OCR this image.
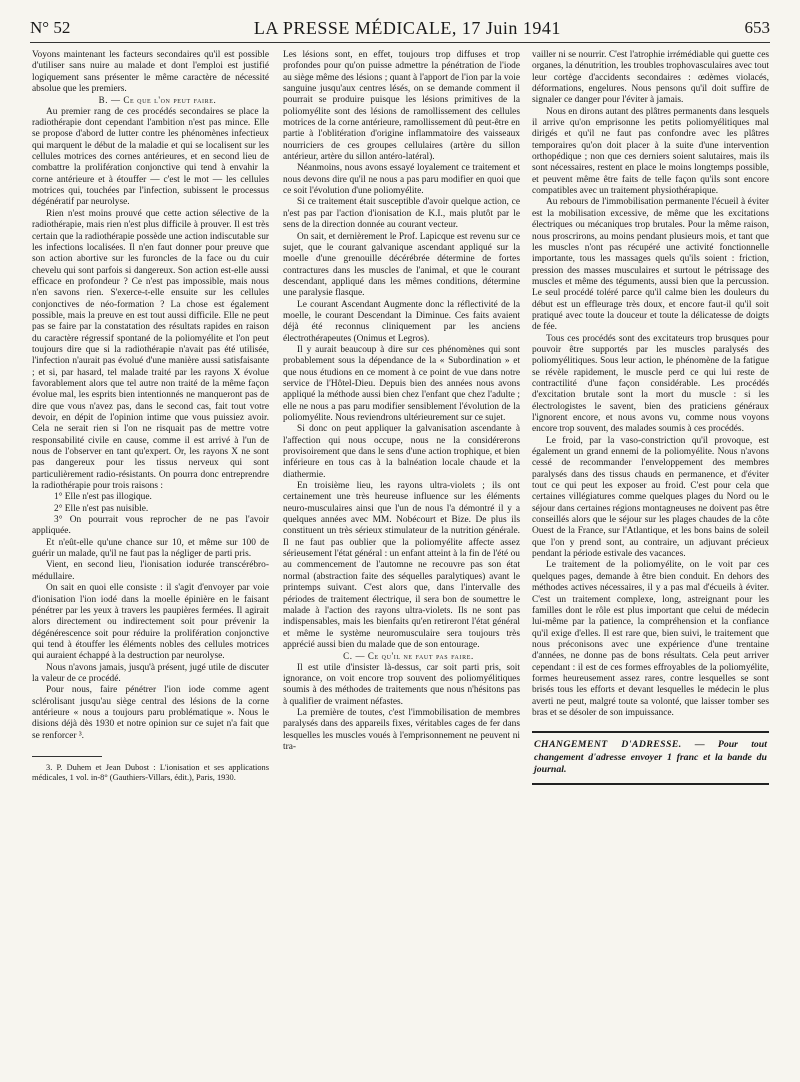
N° 52	LA PRESSE MÉDICALE, 17 Juin 1941	653

Voyons maintenant les facteurs secondaires qu'il est possible d'utiliser sans nuire au malade et dont l'emploi est justifié logiquement sans présenter le même caractère de nécessité absolue que les premiers.

B. — Ce que l'on peut faire.

Au premier rang de ces procédés secondaires se place la radiothérapie dont cependant l'ambition n'est pas mince. Elle se propose d'abord de lutter contre les phénomènes infectieux qui marquent le début de la maladie et qui se localisent sur les cellules motrices des cornes antérieures, et en second lieu de combattre la prolifération conjonctive qui tend à envahir la corne antérieure et à étouffer — c'est le mot — les cellules motrices qui, touchées par l'infection, subissent le processus dégénératif par neurolyse.

Rien n'est moins prouvé que cette action sélective de la radiothérapie, mais rien n'est plus difficile à prouver. Il est très certain que la radiothérapie possède une action indiscutable sur les infections localisées. Il n'en faut donner pour preuve que son action abortive sur les furoncles de la face ou du cuir chevelu qui sont parfois si dangereux. Son action est-elle aussi efficace en profondeur ? Ce n'est pas impossible, mais nous n'en savons rien. S'exerce-t-elle ensuite sur les cellules conjonctives de néo-formation ? La chose est également possible, mais la preuve en est tout aussi difficile. Elle ne peut pas se faire par la constatation des résultats rapides en raison du caractère régressif spontané de la poliomyélite et l'on peut toujours dire que si la radiothérapie n'avait pas été utilisée, l'infection n'aurait pas évolué d'une manière aussi satisfaisante ; et si, par hasard, tel malade traité par les rayons X évolue favorablement alors que tel autre non traité de la même façon évolue mal, les esprits bien intentionnés ne manqueront pas de dire que vous n'avez pas, dans le second cas, fait tout votre devoir, en dépit de l'opinion intime que vous puissiez avoir. Cela ne serait rien si l'on ne risquait pas de mettre votre responsabilité civile en cause, comme il est arrivé à l'un de nous de l'observer en tant qu'expert. Or, les rayons X ne sont pas dangereux pour les tissus nerveux qui sont particulièrement radio-résistants. On pourra donc entreprendre la radiothérapie pour trois raisons :

1° Elle n'est pas illogique.

2° Elle n'est pas nuisible.

3° On pourrait vous reprocher de ne pas l'avoir appliquée.

Et n'eût-elle qu'une chance sur 10, et même sur 100 de guérir un malade, qu'il ne faut pas la négliger de parti pris.

Vient, en second lieu, l'ionisation iodurée transcérébro-médullaire.

On sait en quoi elle consiste : il s'agit d'envoyer par voie d'ionisation l'ion iodé dans la moelle épinière en le faisant pénétrer par les yeux à travers les paupières fermées. Il agirait alors directement ou indirectement soit pour prévenir la dégénérescence soit pour réduire la prolifération conjonctive qui tend à étouffer les éléments nobles des cellules motrices qui auraient échappé à la destruction par neurolyse.

Nous n'avons jamais, jusqu'à présent, jugé utile de discuter la valeur de ce procédé.

Pour nous, faire pénétrer l'ion iode comme agent sclérolisant jusqu'au siège central des lésions de la corne antérieure « nous a toujours paru problématique ». Nous le disions déjà dès 1930 et notre opinion sur ce sujet n'a fait que se renforcer ³.

3. P. Duhem et Jean Dubost : L'ionisation et ses applications médicales, 1 vol. in-8° (Gauthiers-Villars, édit.), Paris, 1930.

Les lésions sont, en effet, toujours trop diffuses et trop profondes pour qu'on puisse admettre la pénétration de l'iode au siège même des lésions ; quant à l'apport de l'ion par la voie sanguine jusqu'aux centres lésés, on se demande comment il pourrait se produire puisque les lésions primitives de la poliomyélite sont des lésions de ramollissement des cellules motrices de la corne antérieure, ramollissement dû peut-être en partie à l'oblitération d'origine inflammatoire des vaisseaux nourriciers de ces groupes cellulaires (artère du sillon antérieur, artère du sillon antéro-latéral).

Néanmoins, nous avons essayé loyalement ce traitement et nous devons dire qu'il ne nous a pas paru modifier en quoi que ce soit l'évolution d'une poliomyélite.

Si ce traitement était susceptible d'avoir quelque action, ce n'est pas par l'action d'ionisation de K.I., mais plutôt par le sens de la direction donnée au courant vecteur.

On sait, et dernièrement le Prof. Lapicque est revenu sur ce sujet, que le courant galvanique ascendant appliqué sur la moelle d'une grenouille décérébrée détermine de fortes contractures dans les muscles de l'animal, et que le courant descendant, appliqué dans les mêmes conditions, détermine une paralysie flasque.

Le courant Ascendant Augmente donc la réflectivité de la moelle, le courant Descendant la Diminue. Ces faits avaient déjà été reconnus cliniquement par les anciens électrothérapeutes (Onimus et Legros).

Il y aurait beaucoup à dire sur ces phénomènes qui sont probablement sous la dépendance de la « Subordination » et que nous étudions en ce moment à ce point de vue dans notre service de l'Hôtel-Dieu. Depuis bien des années nous avons appliqué la méthode aussi bien chez l'enfant que chez l'adulte ; elle ne nous a pas paru modifier sensiblement l'évolution de la poliomyélite. Nous reviendrons ultérieurement sur ce sujet.

Si donc on peut appliquer la galvanisation ascendante à l'affection qui nous occupe, nous ne la considérerons provisoirement que dans le sens d'une action trophique, et bien inférieure en tous cas à la balnéation locale chaude et la diathermie.

En troisième lieu, les rayons ultra-violets ; ils ont certainement une très heureuse influence sur les éléments neuro-musculaires ainsi que l'un de nous l'a démontré il y a quelques années avec MM. Nobécourt et Bize. De plus ils constituent un très sérieux stimulateur de la nutrition générale. Il ne faut pas oublier que la poliomyélite affecte assez sérieusement l'état général : un enfant atteint à la fin de l'été ou au commencement de l'automne ne recouvre pas son état normal (abstraction faite des séquelles paralytiques) avant le printemps suivant. C'est alors que, dans l'intervalle des périodes de traitement électrique, il sera bon de soumettre le malade à l'action des rayons ultra-violets. Ils ne sont pas indispensables, mais les bienfaits qu'en retireront l'état général et même le système neuromusculaire sera toujours très apprécié aussi bien du malade que de son entourage.

C. — Ce qu'il ne faut pas faire.

Il est utile d'insister là-dessus, car soit parti pris, soit ignorance, on voit encore trop souvent des poliomyélitiques soumis à des méthodes de traitements que nous n'hésitons pas à qualifier de vraiment néfastes.

La première de toutes, c'est l'immobilisation de membres paralysés dans des appareils fixes, véritables cages de fer dans lesquelles les muscles voués à l'emprisonnement ne peuvent ni tra-

vailler ni se nourrir. C'est l'atrophie irrémédiable qui guette ces organes, la dénutrition, les troubles trophovasculaires avec tout leur cortège d'accidents secondaires : œdèmes violacés, déformations, engelures. Nous pensons qu'il doit suffire de signaler ce danger pour l'éviter à jamais.

Nous en dirons autant des plâtres permanents dans lesquels il arrive qu'on emprisonne les petits poliomyélitiques mal dirigés et qu'il ne faut pas confondre avec les plâtres temporaires qu'on doit placer à la suite d'une intervention orthopédique ; non que ces derniers soient salutaires, mais ils sont nécessaires, restent en place le moins longtemps possible, et peuvent même être faits de telle façon qu'ils sont encore compatibles avec un traitement physiothérapique.

Au rebours de l'immobilisation permanente l'écueil à éviter est la mobilisation excessive, de même que les excitations électriques ou mécaniques trop brutales. Pour la même raison, nous proscrirons, au moins pendant plusieurs mois, et tant que les muscles n'ont pas récupéré une activité fonctionnelle importante, tous les massages quels qu'ils soient : friction, pression des masses musculaires et surtout le pétrissage des muscles et même des téguments, aussi bien que la percussion. Le seul procédé toléré parce qu'il calme bien les douleurs du début est un effleurage très doux, et encore faut-il qu'il soit pratiqué avec toute la douceur et toute la délicatesse de doigts de fée.

Tous ces procédés sont des excitateurs trop brusques pour pouvoir être supportés par les muscles paralysés des poliomyélitiques. Sous leur action, le phénomène de la fatigue se révèle rapidement, le muscle perd ce qui lui reste de contractilité d'une façon considérable. Les procédés d'excitation brutale sont la mort du muscle : si les électrologistes le savent, bien des praticiens généraux l'ignorent encore, et nous avons vu, comme nous voyons encore trop souvent, des malades soumis à ces procédés.

Le froid, par la vaso-constriction qu'il provoque, est également un grand ennemi de la poliomyélite. Nous n'avons cessé de recommander l'enveloppement des membres paralysés dans des tissus chauds en permanence, et d'éviter tout ce qui peut les exposer au froid. C'est pour cela que certaines villégiatures comme quelques plages du Nord ou le séjour dans certaines régions montagneuses ne doivent pas être conseillés alors que le séjour sur les plages chaudes de la côte Ouest de la France, sur l'Atlantique, et les bons bains de soleil que l'on y prend sont, au contraire, un adjuvant précieux pendant la période estivale des vacances.

Le traitement de la poliomyélite, on le voit par ces quelques pages, demande à être bien conduit. En dehors des méthodes actives nécessaires, il y a pas mal d'écueils à éviter. C'est un traitement complexe, long, astreignant pour les familles dont le rôle est plus important que celui de médecin lui-même par la patience, la compréhension et la confiance qu'il exige d'elles. Il est rare que, bien suivi, le traitement que nous préconisons avec une expérience d'une trentaine d'années, ne donne pas de bons résultats. Cela peut arriver cependant : il est de ces formes effroyables de la poliomyélite, formes heureusement assez rares, contre lesquelles se sont brisés tous les efforts et devant lesquelles le médecin le plus averti ne peut, malgré toute sa volonté, que laisser tomber ses bras et se désoler de son impuissance.

CHANGEMENT D'ADRESSE. — Pour tout changement d'adresse envoyer 1 franc et la bande du journal.
